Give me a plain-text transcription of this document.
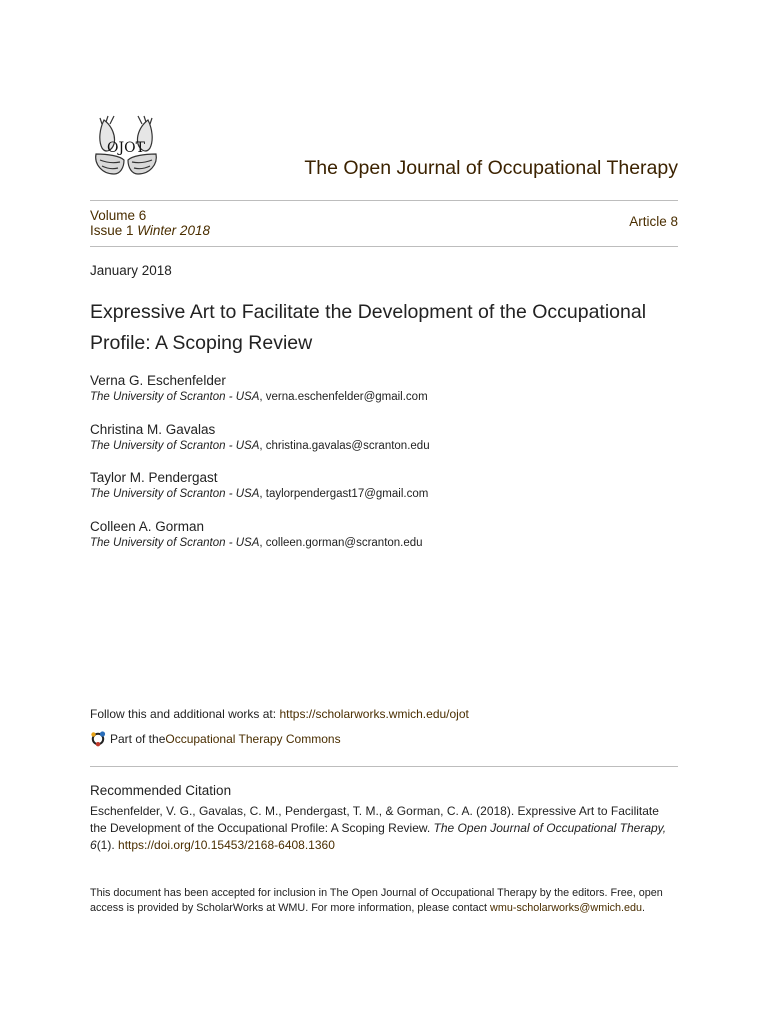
OJOT
The Open Journal of Occupational Therapy
Volume 6
Issue 1 Winter 2018
Article 8
January 2018
Expressive Art to Facilitate the Development of the Occupational Profile: A Scoping Review
Verna G. Eschenfelder
The University of Scranton - USA, verna.eschenfelder@gmail.com
Christina M. Gavalas
The University of Scranton - USA, christina.gavalas@scranton.edu
Taylor M. Pendergast
The University of Scranton - USA, taylorpendergast17@gmail.com
Colleen A. Gorman
The University of Scranton - USA, colleen.gorman@scranton.edu
Follow this and additional works at: https://scholarworks.wmich.edu/ojot
Part of the Occupational Therapy Commons
Recommended Citation
Eschenfelder, V. G., Gavalas, C. M., Pendergast, T. M., & Gorman, C. A. (2018). Expressive Art to Facilitate the Development of the Occupational Profile: A Scoping Review. The Open Journal of Occupational Therapy, 6(1). https://doi.org/10.15453/2168-6408.1360
This document has been accepted for inclusion in The Open Journal of Occupational Therapy by the editors. Free, open access is provided by ScholarWorks at WMU. For more information, please contact wmu-scholarworks@wmich.edu.
